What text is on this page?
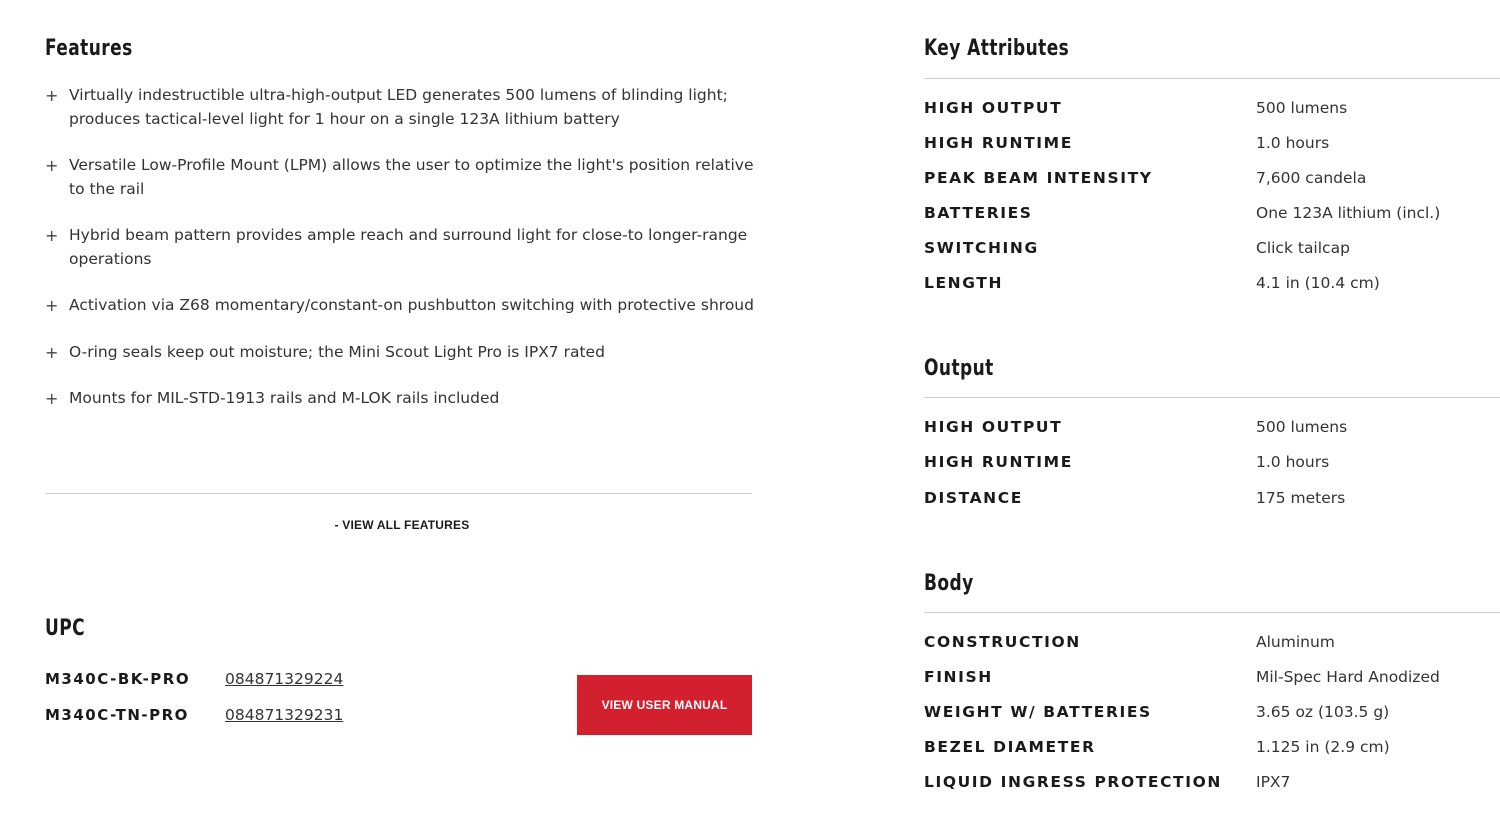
Features
+ Virtually indestructible ultra-high-output LED generates 500 lumens of blinding light; produces tactical-level light for 1 hour on a single 123A lithium battery
+ Versatile Low-Profile Mount (LPM) allows the user to optimize the light's position relative to the rail
+ Hybrid beam pattern provides ample reach and surround light for close-to longer-range operations
+ Activation via Z68 momentary/constant-on pushbutton switching with protective shroud
+ O-ring seals keep out moisture; the Mini Scout Light Pro is IPX7 rated
+ Mounts for MIL-STD-1913 rails and M-LOK rails included
- VIEW ALL FEATURES
UPC
M340C-BK-PRO	084871329224
M340C-TN-PRO	084871329231
VIEW USER MANUAL
Key Attributes
HIGH OUTPUT	500 lumens
HIGH RUNTIME	1.0 hours
PEAK BEAM INTENSITY	7,600 candela
BATTERIES	One 123A lithium (incl.)
SWITCHING	Click tailcap
LENGTH	4.1 in (10.4 cm)
Output
HIGH OUTPUT	500 lumens
HIGH RUNTIME	1.0 hours
DISTANCE	175 meters
Body
CONSTRUCTION	Aluminum
FINISH	Mil-Spec Hard Anodized
WEIGHT W/ BATTERIES	3.65 oz (103.5 g)
BEZEL DIAMETER	1.125 in (2.9 cm)
LIQUID INGRESS PROTECTION	IPX7
